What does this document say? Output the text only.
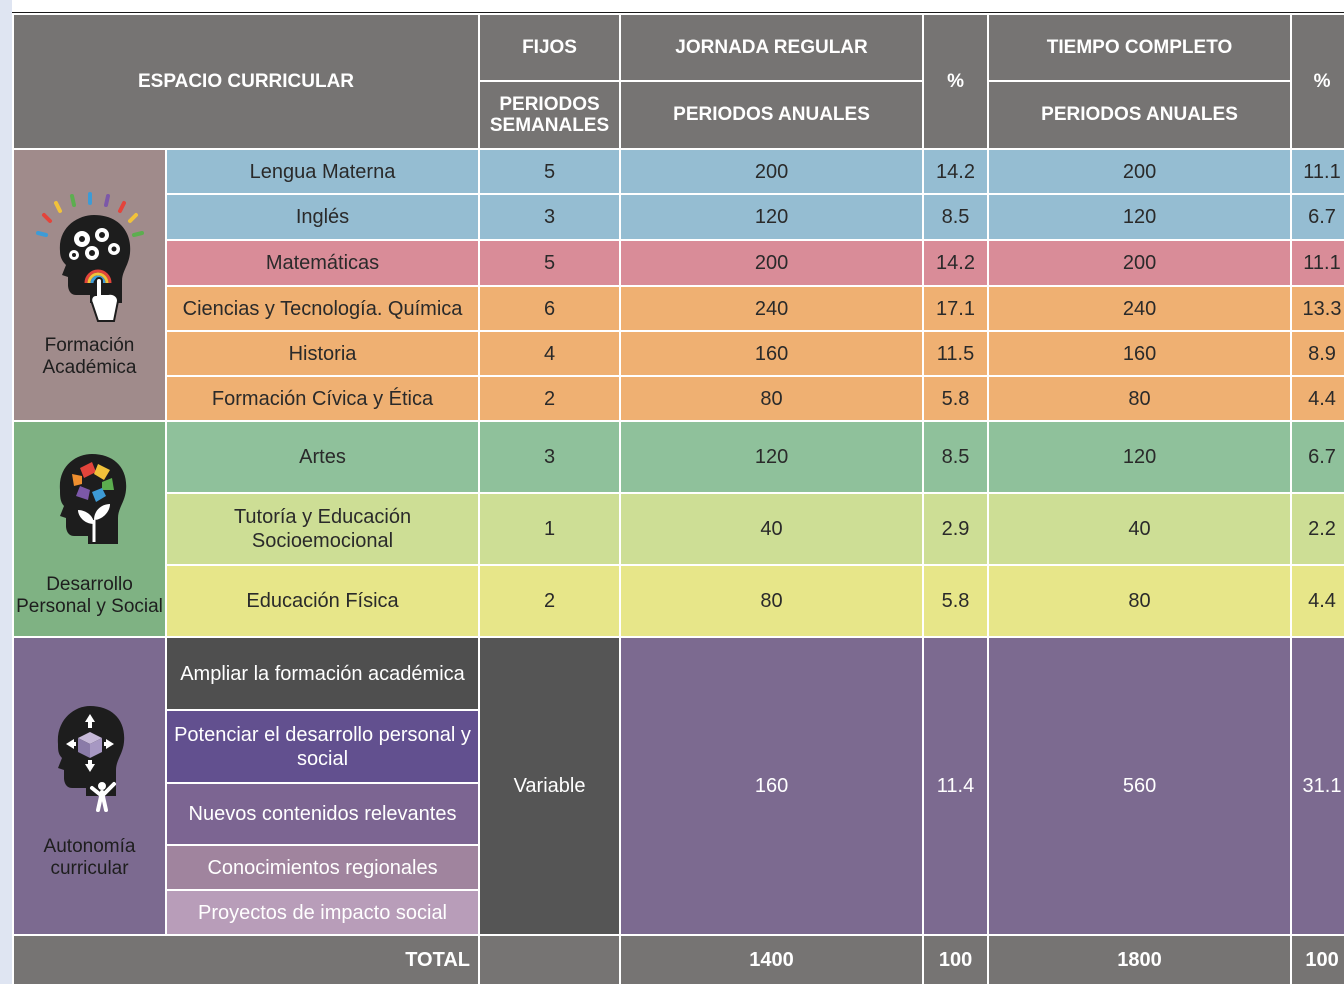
ESPACIO CURRICULAR		FIJOS	JORNADA REGULAR	%	TIEMPO COMPLETO	%
		PERIODOS SEMANALES	PERIODOS ANUALES		PERIODOS ANUALES	

Formación Académica	Lengua Materna	5	200	14.2	200	11.1
	Inglés	3	120	8.5	120	6.7
	Matemáticas	5	200	14.2	200	11.1
	Ciencias y Tecnología. Química	6	240	17.1	240	13.3
	Historia	4	160	11.5	160	8.9
	Formación Cívica y Ética	2	80	5.8	80	4.4

Desarrollo Personal y Social	Artes	3	120	8.5	120	6.7
	Tutoría y Educación Socioemocional	1	40	2.9	40	2.2
	Educación Física	2	80	5.8	80	4.4

Autonomía curricular	Ampliar la formación académica	Variable	160	11.4	560	31.1
	Potenciar el desarrollo personal y social					
	Nuevos contenidos relevantes					
	Conocimientos regionales					
	Proyectos de impacto social					
TOTAL			1400	100	1800	100
